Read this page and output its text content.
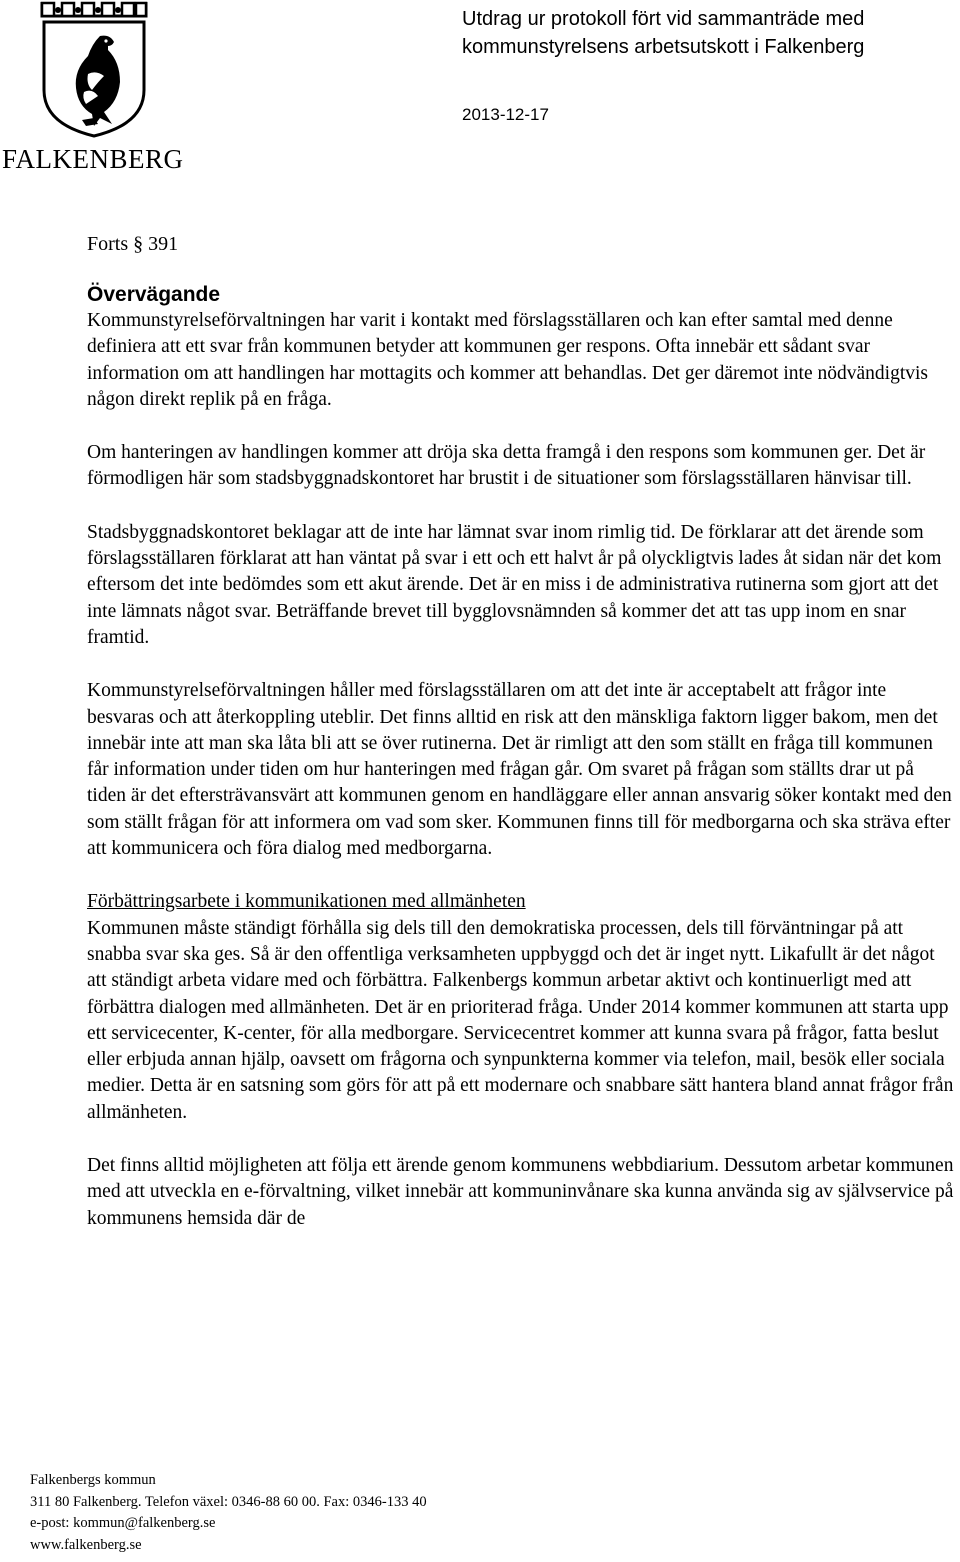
FALKENBERG
Utdrag ur protokoll fört vid sammanträde med
kommunstyrelsens arbetsutskott i Falkenberg
2013-12-17

Forts § 391

Övervägande

Kommunstyrelseförvaltningen har varit i kontakt med förslagsställaren och kan efter samtal med denne definiera att ett svar från kommunen betyder att kommunen ger respons. Ofta innebär ett sådant svar information om att handlingen har mottagits och kommer att behandlas. Det ger däremot inte nödvändigtvis någon direkt replik på en fråga.

Om hanteringen av handlingen kommer att dröja ska detta framgå i den respons som kommunen ger. Det är förmodligen här som stadsbyggnadskontoret har brustit i de situationer som förslagsställaren hänvisar till.

Stadsbyggnadskontoret beklagar att de inte har lämnat svar inom rimlig tid. De förklarar att det ärende som förslagsställaren förklarat att han väntat på svar i ett och ett halvt år på olyckligtvis lades åt sidan när det kom eftersom det inte bedömdes som ett akut ärende. Det är en miss i de administrativa rutinerna som gjort att det inte lämnats något svar. Beträffande brevet till bygglovsnämnden så kommer det att tas upp inom en snar framtid.

Kommunstyrelseförvaltningen håller med förslagsställaren om att det inte är acceptabelt att frågor inte besvaras och att återkoppling uteblir. Det finns alltid en risk att den mänskliga faktorn ligger bakom, men det innebär inte att man ska låta bli att se över rutinerna. Det är rimligt att den som ställt en fråga till kommunen får information under tiden om hur hanteringen med frågan går. Om svaret på frågan som ställts drar ut på tiden är det eftersträvansvärt att kommunen genom en handläggare eller annan ansvarig söker kontakt med den som ställt frågan för att informera om vad som sker. Kommunen finns till för medborgarna och ska sträva efter att kommunicera och föra dialog med medborgarna.

Förbättringsarbete i kommunikationen med allmänheten

Kommunen måste ständigt förhålla sig dels till den demokratiska processen, dels till förväntningar på att snabba svar ska ges. Så är den offentliga verksamheten uppbyggd och det är inget nytt. Likafullt är det något att ständigt arbeta vidare med och förbättra. Falkenbergs kommun arbetar aktivt och kontinuerligt med att förbättra dialogen med allmänheten. Det är en prioriterad fråga. Under 2014 kommer kommunen att starta upp ett servicecenter, K-center, för alla medborgare. Servicecentret kommer att kunna svara på frågor, fatta beslut eller erbjuda annan hjälp, oavsett om frågorna och synpunkterna kommer via telefon, mail, besök eller sociala medier. Detta är en satsning som görs för att på ett modernare och snabbare sätt hantera bland annat frågor från allmänheten.

Det finns alltid möjligheten att följa ett ärende genom kommunens webbdiarium. Dessutom arbetar kommunen med att utveckla en e-förvaltning, vilket innebär att kommuninvånare ska kunna använda sig av självservice på kommunens hemsida där de

Falkenbergs kommun
311 80 Falkenberg. Telefon växel: 0346-88 60 00. Fax: 0346-133 40
e-post: kommun@falkenberg.se
www.falkenberg.se
